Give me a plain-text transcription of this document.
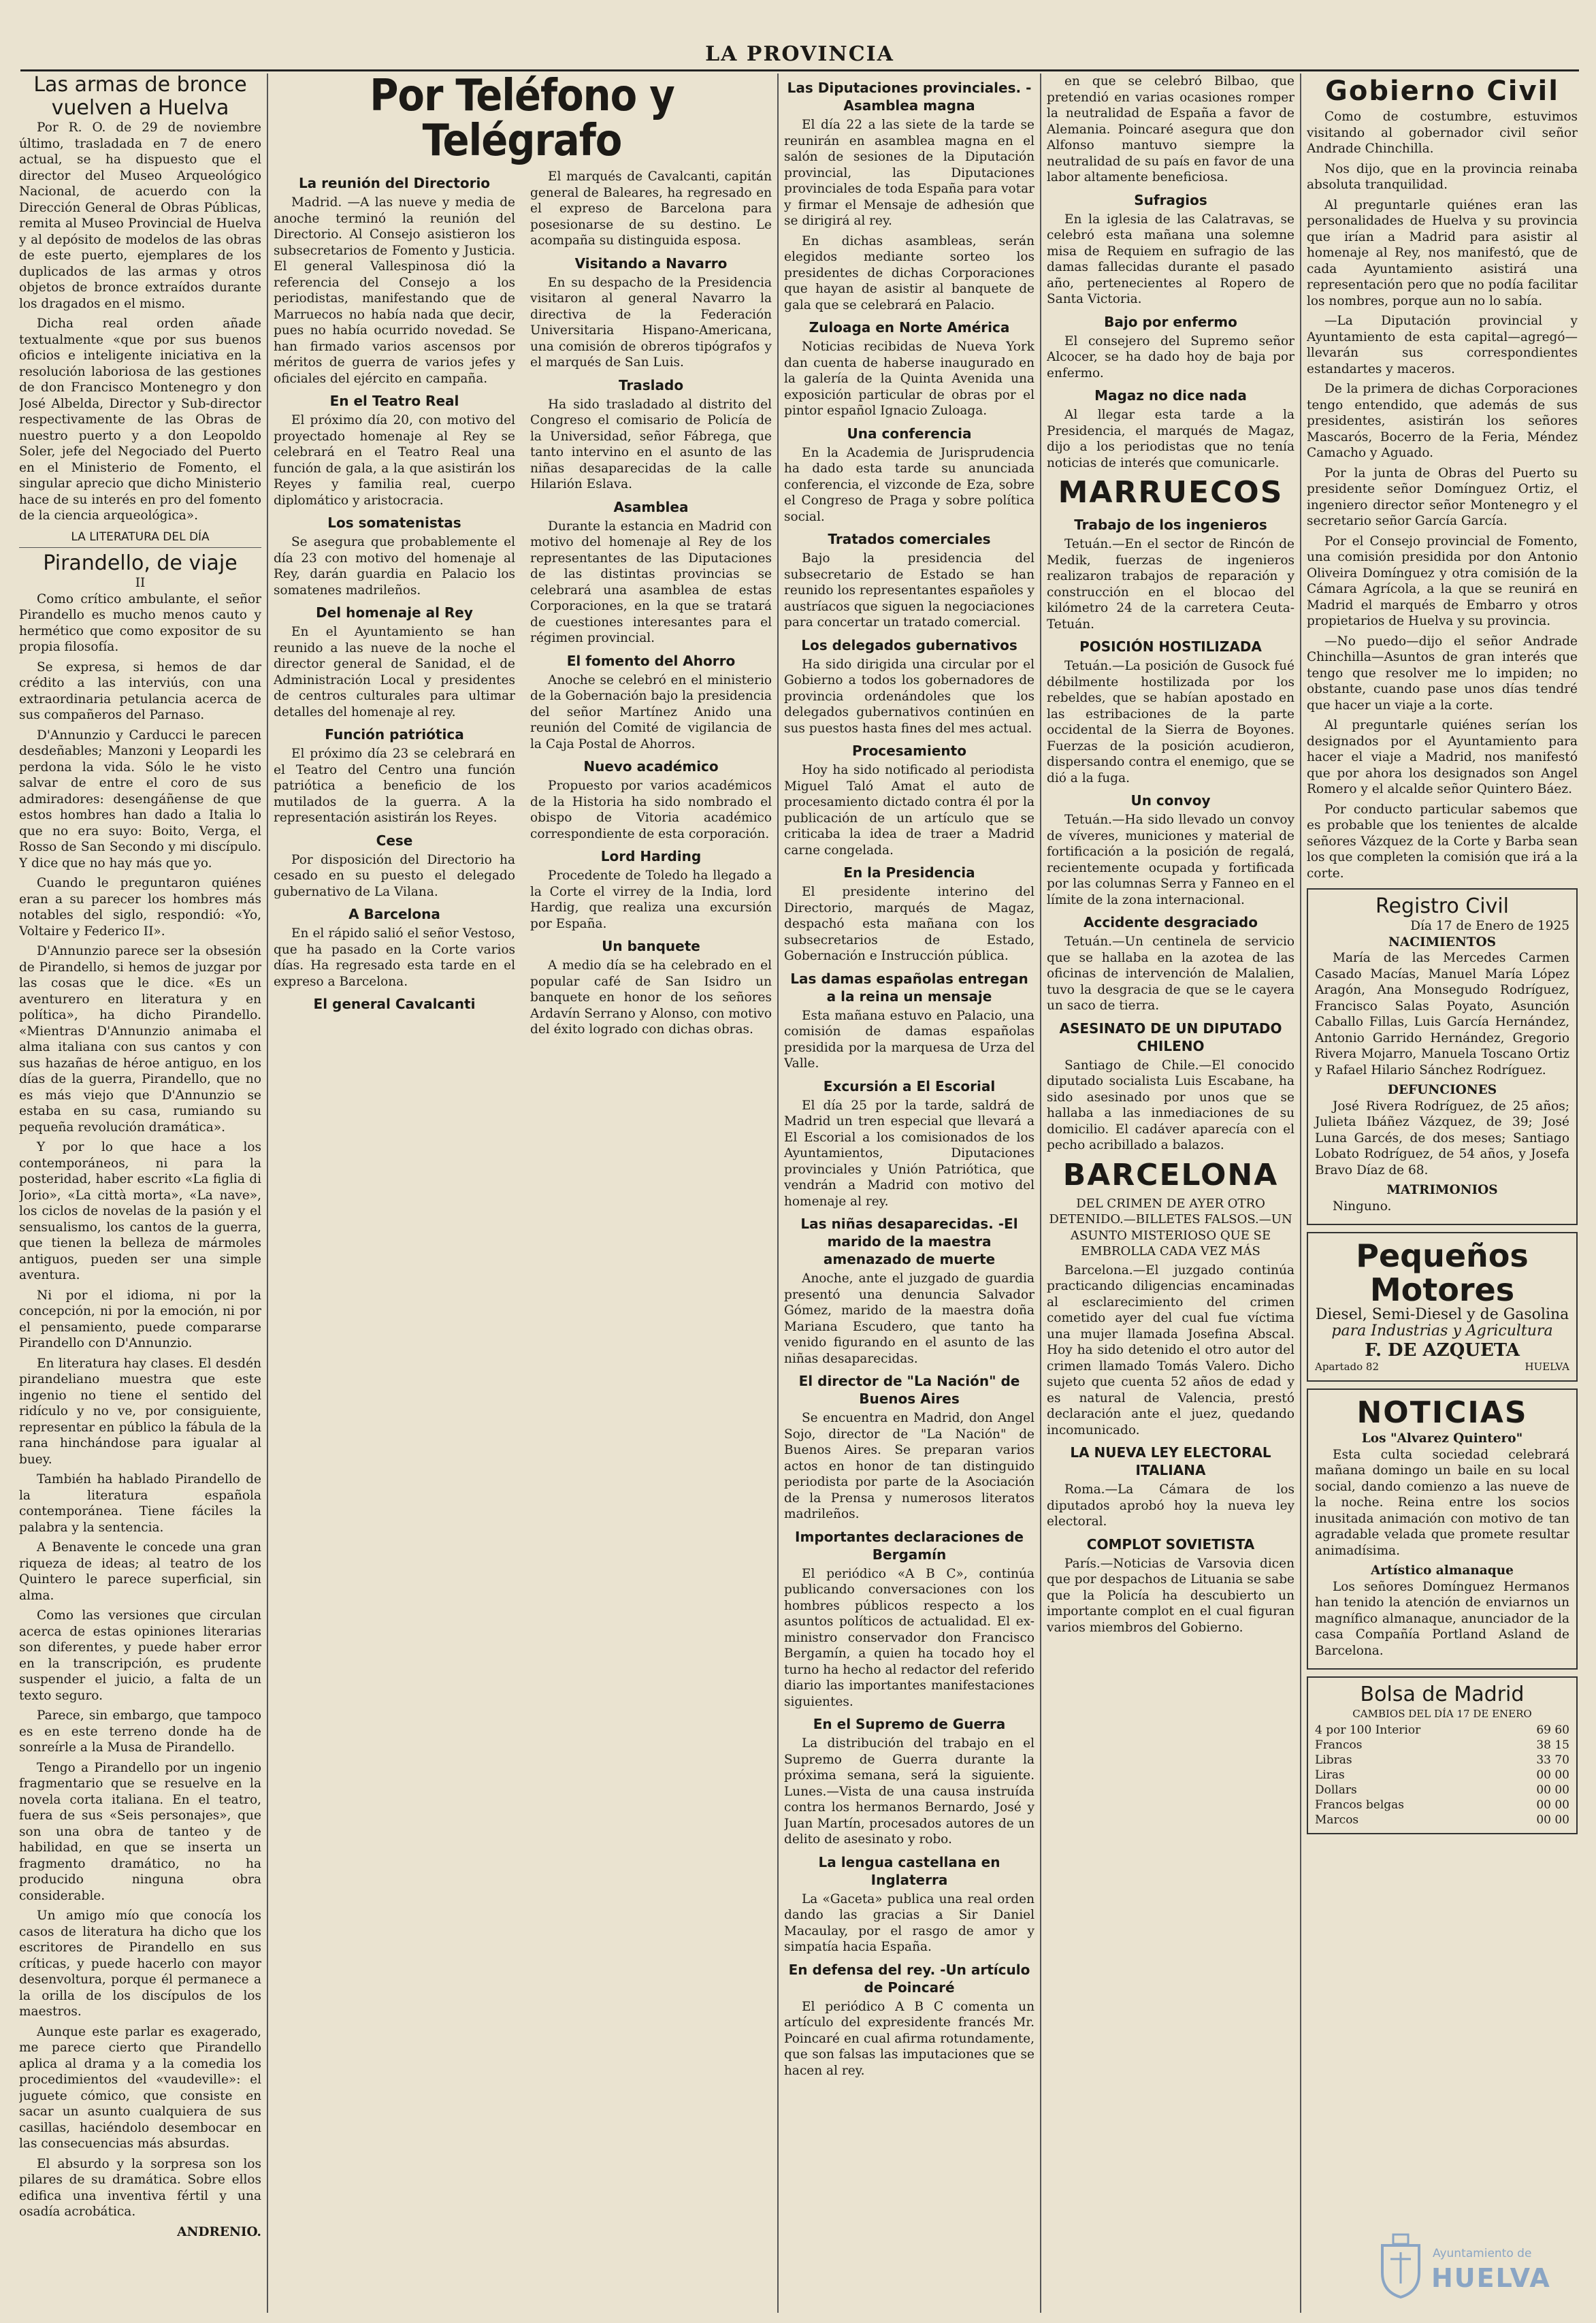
LA PROVINCIA
Las armas de bronce vuelven a Huelva

Por R. O. de 29 de noviembre último, trasladada en 7 de enero actual, se ha dispuesto que el director del Museo Arqueológico Nacional, de acuerdo con la Dirección General de Obras Públicas, remita al Museo Provincial de Huelva y al depósito de modelos de las obras de este puerto, ejemplares de los duplicados de las armas y otros objetos de bronce extraídos durante los dragados en el mismo.

Dicha real orden añade textualmente «que por sus buenos oficios e inteligente iniciativa en la resolución laboriosa de las gestiones de don Francisco Montenegro y don José Albelda, Director y Sub-director respectivamente de las Obras de nuestro puerto y a don Leopoldo Soler, jefe del Negociado del Puerto en el Ministerio de Fomento, el singular aprecio que dicho Ministerio hace de su interés en pro del fomento de la ciencia arqueológica».

LA LITERATURA DEL DÍA
Pirandello, de viaje
II

Como crítico ambulante, el señor Pirandello es mucho menos cauto y hermético que como expositor de su propia filosofía.

Se expresa, si hemos de dar crédito a las interviús, con una extraordinaria petulancia acerca de sus compañeros del Parnaso.

D'Annunzio y Carducci le parecen desdeñables; Manzoni y Leopardi les perdona la vida. Sólo le he visto salvar de entre el coro de sus admiradores: desengáñense de que estos hombres han dado a Italia lo que no era suyo: Boito, Verga, el Rosso de San Secondo y mi discípulo. Y dice que no hay más que yo.

Cuando le preguntaron quiénes eran a su parecer los hombres más notables del siglo, respondió: «Yo, Voltaire y Federico II».

D'Annunzio parece ser la obsesión de Pirandello, si hemos de juzgar por las cosas que le dice. «Es un aventurero en literatura y en política», ha dicho Pirandello. «Mientras D'Annunzio animaba el alma italiana con sus cantos y con sus hazañas de héroe antiguo, en los días de la guerra, Pirandello, que no es más viejo que D'Annunzio se estaba en su casa, rumiando su pequeña revolución dramática».

Y por lo que hace a los contemporáneos, ni para la posteridad, haber escrito «La figlia di Jorio», «La città morta», «La nave», los ciclos de novelas de la pasión y el sensualismo, los cantos de la guerra, que tienen la belleza de mármoles antiguos, pueden ser una simple aventura.

Ni por el idioma, ni por la concepción, ni por la emoción, ni por el pensamiento, puede compararse Pirandello con D'Annunzio.

En literatura hay clases. El desdén pirandeliano muestra que este ingenio no tiene el sentido del ridículo y no ve, por consiguiente, representar en público la fábula de la rana hinchándose para igualar al buey.

También ha hablado Pirandello de la literatura española contemporánea. Tiene fáciles la palabra y la sentencia.

A Benavente le concede una gran riqueza de ideas; al teatro de los Quintero le parece superficial, sin alma.

Como las versiones que circulan acerca de estas opiniones literarias son diferentes, y puede haber error en la transcripción, es prudente suspender el juicio, a falta de un texto seguro.

Parece, sin embargo, que tampoco es en este terreno donde ha de sonreírle a la Musa de Pirandello.

Tengo a Pirandello por un ingenio fragmentario que se resuelve en la novela corta italiana. En el teatro, fuera de sus «Seis personajes», que son una obra de tanteo y de habilidad, en que se inserta un fragmento dramático, no ha producido ninguna obra considerable.

Un amigo mío que conocía los casos de literatura ha dicho que los escritores de Pirandello en sus críticas, y puede hacerlo con mayor desenvoltura, porque él permanece a la orilla de los discípulos de los maestros.

Aunque este parlar es exagerado, me parece cierto que Pirandello aplica al drama y a la comedia los procedimientos del «vaudeville»: el juguete cómico, que consiste en sacar un asunto cualquiera de sus casillas, haciéndolo desembocar en las consecuencias más absurdas.

El absurdo y la sorpresa son los pilares de su dramática. Sobre ellos edifica una inventiva fértil y una osadía acrobática.

ANDRENIO.
Por Teléfono y Telégrafo
La reunión del Directorio

Madrid. —A las nueve y media de anoche terminó la reunión del Directorio. Al Consejo asistieron los subsecretarios de Fomento y Justicia. El general Vallespinosa dió la referencia del Consejo a los periodistas, manifestando que de Marruecos no había nada que decir, pues no había ocurrido novedad. Se han firmado varios ascensos por méritos de guerra de varios jefes y oficiales del ejército en campaña.

En el Teatro Real

El próximo día 20, con motivo del proyectado homenaje al Rey se celebrará en el Teatro Real una función de gala, a la que asistirán los Reyes y familia real, cuerpo diplomático y aristocracia.

Los somatenistas

Se asegura que probablemente el día 23 con motivo del homenaje al Rey, darán guardia en Palacio los somatenes madrileños.

Del homenaje al Rey

En el Ayuntamiento se han reunido a las nueve de la noche el director general de Sanidad, el de Administración Local y presidentes de centros culturales para ultimar detalles del homenaje al rey.

Función patriótica

El próximo día 23 se celebrará en el Teatro del Centro una función patriótica a beneficio de los mutilados de la guerra. A la representación asistirán los Reyes.

Cese

Por disposición del Directorio ha cesado en su puesto el delegado gubernativo de La Vilana.

A Barcelona

En el rápido salió el señor Vestoso, que ha pasado en la Corte varios días. Ha regresado esta tarde en el expreso a Barcelona.

El general Cavalcanti

El marqués de Cavalcanti, capitán general de Baleares, ha regresado en el expreso de Barcelona para posesionarse de su destino. Le acompaña su distinguida esposa.

Visitando a Navarro

En su despacho de la Presidencia visitaron al general Navarro la directiva de la Federación Universitaria Hispano-Americana, una comisión de obreros tipógrafos y el marqués de San Luis.

Traslado

Ha sido trasladado al distrito del Congreso el comisario de Policía de la Universidad, señor Fábrega, que tanto intervino en el asunto de las niñas desaparecidas de la calle Hilarión Eslava.

Asamblea

Durante la estancia en Madrid con motivo del homenaje al Rey de los representantes de las Diputaciones de las distintas provincias se celebrará una asamblea de estas Corporaciones, en la que se tratará de cuestiones interesantes para el régimen provincial.

El fomento del Ahorro

Anoche se celebró en el ministerio de la Gobernación bajo la presidencia del señor Martínez Anido una reunión del Comité de vigilancia de la Caja Postal de Ahorros.

Nuevo académico

Propuesto por varios académicos de la Historia ha sido nombrado el obispo de Vitoria académico correspondiente de esta corporación.

Lord Harding

Procedente de Toledo ha llegado a la Corte el virrey de la India, lord Hardig, que realiza una excursión por España.

Un banquete

A medio día se ha celebrado en el popular café de San Isidro un banquete en honor de los señores Ardavín Serrano y Alonso, con motivo del éxito logrado con dichas obras.

Las Diputaciones provinciales. -Asamblea magna

El día 22 a las siete de la tarde se reunirán en asamblea magna en el salón de sesiones de la Diputación provincial, las Diputaciones provinciales de toda España para votar y firmar el Mensaje de adhesión que se dirigirá al rey.

En dichas asambleas, serán elegidos mediante sorteo los presidentes de dichas Corporaciones que hayan de asistir al banquete de gala que se celebrará en Palacio.

Zuloaga en Norte América

Noticias recibidas de Nueva York dan cuenta de haberse inaugurado en la galería de la Quinta Avenida una exposición particular de obras por el pintor español Ignacio Zuloaga.

Una conferencia

En la Academia de Jurisprudencia ha dado esta tarde su anunciada conferencia, el vizconde de Eza, sobre el Congreso de Praga y sobre política social.

Tratados comerciales

Bajo la presidencia del subsecretario de Estado se han reunido los representantes españoles y austríacos que siguen la negociaciones para concertar un tratado comercial.

Los delegados gubernativos

Ha sido dirigida una circular por el Gobierno a todos los gobernadores de provincia ordenándoles que los delegados gubernativos continúen en sus puestos hasta fines del mes actual.

Procesamiento

Hoy ha sido notificado al periodista Miguel Taló Amat el auto de procesamiento dictado contra él por la publicación de un artículo que se criticaba la idea de traer a Madrid carne congelada.

En la Presidencia

El presidente interino del Directorio, marqués de Magaz, despachó esta mañana con los subsecretarios de Estado, Gobernación e Instrucción pública.

Las damas españolas entregan a la reina un mensaje

Esta mañana estuvo en Palacio, una comisión de damas españolas presidida por la marquesa de Urza del Valle.

Excursión a El Escorial

El día 25 por la tarde, saldrá de Madrid un tren especial que llevará a El Escorial a los comisionados de los Ayuntamientos, Diputaciones provinciales y Unión Patriótica, que vendrán a Madrid con motivo del homenaje al rey.

Las niñas desaparecidas. -El marido de la maestra amenazado de muerte

Anoche, ante el juzgado de guardia presentó una denuncia Salvador Gómez, marido de la maestra doña Mariana Escudero, que tanto ha venido figurando en el asunto de las niñas desaparecidas.

El director de "La Nación" de Buenos Aires

Se encuentra en Madrid, don Angel Sojo, director de "La Nación" de Buenos Aires. Se preparan varios actos en honor de tan distinguido periodista por parte de la Asociación de la Prensa y numerosos literatos madrileños.

Importantes declaraciones de Bergamín

El periódico «A B C», continúa publicando conversaciones con los hombres públicos respecto a los asuntos políticos de actualidad. El ex-ministro conservador don Francisco Bergamín, a quien ha tocado hoy el turno ha hecho al redactor del referido diario las importantes manifestaciones siguientes.

En el Supremo de Guerra

La distribución del trabajo en el Supremo de Guerra durante la próxima semana, será la siguiente. Lunes.—Vista de una causa instruída contra los hermanos Bernardo, José y Juan Martín, procesados autores de un delito de asesinato y robo.

La lengua castellana en Inglaterra

La «Gaceta» publica una real orden dando las gracias a Sir Daniel Macaulay, por el rasgo de amor y simpatía hacia España.

En defensa del rey. -Un artículo de Poincaré

El periódico A B C comenta un artículo del expresidente francés Mr. Poincaré en cual afirma rotundamente, que son falsas las imputaciones que se hacen al rey.

en que se celebró Bilbao, que pretendió en varias ocasiones romper la neutralidad de España a favor de Alemania. Poincaré asegura que don Alfonso mantuvo siempre la neutralidad de su país en favor de una labor altamente beneficiosa.

Sufragios

En la iglesia de las Calatravas, se celebró esta mañana una solemne misa de Requiem en sufragio de las damas fallecidas durante el pasado año, pertenecientes al Ropero de Santa Victoria.

Bajo por enfermo

El consejero del Supremo señor Alcocer, se ha dado hoy de baja por enfermo.

Magaz no dice nada

Al llegar esta tarde a la Presidencia, el marqués de Magaz, dijo a los periodistas que no tenía noticias de interés que comunicarle.

MARRUECOS
Trabajo de los ingenieros

Tetuán.—En el sector de Rincón de Medik, fuerzas de ingenieros realizaron trabajos de reparación y construcción en el blocao del kilómetro 24 de la carretera Ceuta-Tetuán.

POSICIÓN HOSTILIZADA

Tetuán.—La posición de Gusock fué débilmente hostilizada por los rebeldes, que se habían apostado en las estribaciones de la parte occidental de la Sierra de Boyones. Fuerzas de la posición acudieron, dispersando contra el enemigo, que se dió a la fuga.

Un convoy

Tetuán.—Ha sido llevado un convoy de víveres, municiones y material de fortificación a la posición de regalá, recientemente ocupada y fortificada por las columnas Serra y Fanneo en el límite de la zona internacional.

Accidente desgraciado

Tetuán.—Un centinela de servicio que se hallaba en la azotea de las oficinas de intervención de Malalien, tuvo la desgracia de que se le cayera un saco de tierra.

ASESINATO DE UN DIPUTADO CHILENO

Santiago de Chile.—El conocido diputado socialista Luis Escabane, ha sido asesinado por unos que se hallaba a las inmediaciones de su domicilio. El cadáver aparecía con el pecho acribillado a balazos.

BARCELONA
DEL CRIMEN DE AYER OTRO DETENIDO.—BILLETES FALSOS.—UN ASUNTO MISTERIOSO QUE SE EMBROLLA CADA VEZ MÁS

Barcelona.—El juzgado continúa practicando diligencias encaminadas al esclarecimiento del crimen cometido ayer del cual fue víctima una mujer llamada Josefina Abscal. Hoy ha sido detenido el otro autor del crimen llamado Tomás Valero. Dicho sujeto que cuenta 52 años de edad y es natural de Valencia, prestó declaración ante el juez, quedando incomunicado.

LA NUEVA LEY ELECTORAL ITALIANA

Roma.—La Cámara de los diputados aprobó hoy la nueva ley electoral.

COMPLOT SOVIETISTA

París.—Noticias de Varsovia dicen que por despachos de Lituania se sabe que la Policía ha descubierto un importante complot en el cual figuran varios miembros del Gobierno.

Gobierno Civil

Como de costumbre, estuvimos visitando al gobernador civil señor Andrade Chinchilla.

Nos dijo, que en la provincia reinaba absoluta tranquilidad.

Al preguntarle quiénes eran las personalidades de Huelva y su provincia que irían a Madrid para asistir al homenaje al Rey, nos manifestó, que de cada Ayuntamiento asistirá una representación pero que no podía facilitar los nombres, porque aun no lo sabía.

—La Diputación provincial y Ayuntamiento de esta capital—agregó—llevarán sus correspondientes estandartes y maceros.

De la primera de dichas Corporaciones tengo entendido, que además de sus presidentes, asistirán los señores Mascarós, Bocerro de la Feria, Méndez Camacho y Aguado.

Por la junta de Obras del Puerto su presidente señor Domínguez Ortiz, el ingeniero director señor Montenegro y el secretario señor García García.

Por el Consejo provincial de Fomento, una comisión presidida por don Antonio Oliveira Domínguez y otra comisión de la Cámara Agrícola, a la que se reunirá en Madrid el marqués de Embarro y otros propietarios de Huelva y su provincia.

—No puedo—dijo el señor Andrade Chinchilla—Asuntos de gran interés que tengo que resolver me lo impiden; no obstante, cuando pase unos días tendré que hacer un viaje a la corte.

Al preguntarle quiénes serían los designados por el Ayuntamiento para hacer el viaje a Madrid, nos manifestó que por ahora los designados son Angel Romero y el alcalde señor Quintero Báez.

Por conducto particular sabemos que es probable que los tenientes de alcalde señores Vázquez de la Corte y Barba sean los que completen la comisión que irá a la corte.

Registro Civil
Día 17 de Enero de 1925
NACIMIENTOS

María de las Mercedes Carmen Casado Macías, Manuel María López Aragón, Ana Monsegudo Rodríguez, Francisco Salas Poyato, Asunción Caballo Fillas, Luis García Hernández, Antonio Garrido Hernández, Gregorio Rivera Mojarro, Manuela Toscano Ortiz y Rafael Hilario Sánchez Rodríguez.

DEFUNCIONES

José Rivera Rodríguez, de 25 años; Julieta Ibáñez Vázquez, de 39; José Luna Garcés, de dos meses; Santiago Lobato Rodríguez, de 54 años, y Josefa Bravo Díaz de 68.

MATRIMONIOS

Ninguno.

Pequeños Motores
Diesel, Semi-Diesel y de Gasolina
para Industrias y Agricultura
F. DE AZQUETA
Apartado 82	HUELVA
NOTICIAS
Los "Alvarez Quintero"

Esta culta sociedad celebrará mañana domingo un baile en su local social, dando comienzo a las nueve de la noche. Reina entre los socios inusitada animación con motivo de tan agradable velada que promete resultar animadísima.

Artístico almanaque

Los señores Domínguez Hermanos han tenido la atención de enviarnos un magnífico almanaque, anunciador de la casa Compañía Portland Asland de Barcelona.

Bolsa de Madrid
CAMBIOS DEL DÍA 17 DE ENERO
4 por 100 Interior	69 60
Francos	38 15
Libras	33 70
Liras	00 00
Dollars	00 00
Francos belgas	00 00
Marcos	00 00
Ayuntamiento de
HUELVA
